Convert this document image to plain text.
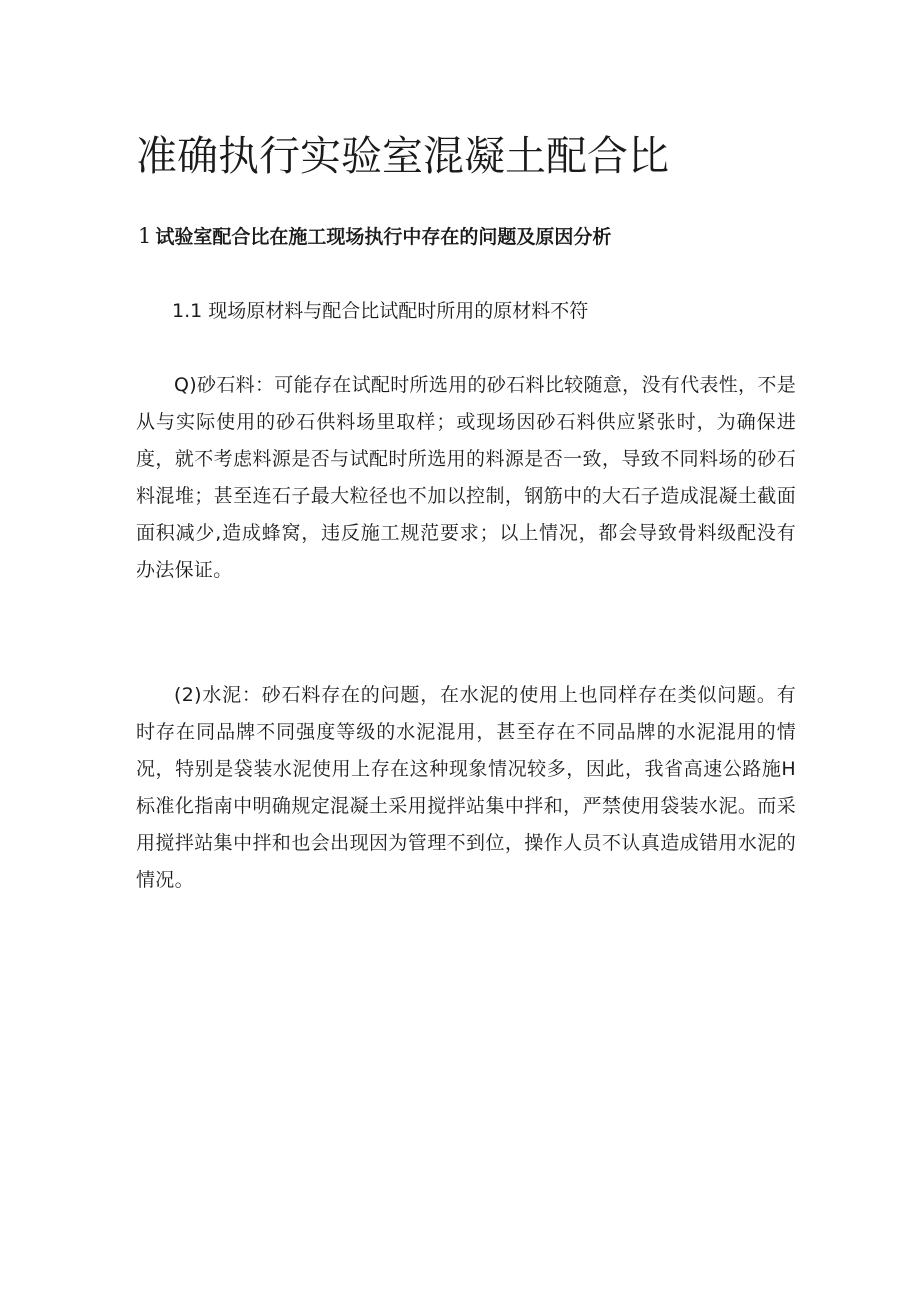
准确执行实验室混凝土配合比
1 试验室配合比在施工现场执行中存在的问题及原因分析
1.1 现场原材料与配合比试配时所用的原材料不符

Q)砂石料：可能存在试配时所选用的砂石料比较随意，没有代表性，不是从与实际使用的砂石供料场里取样；或现场因砂石料供应紧张时，为确保进度，就不考虑料源是否与试配时所选用的料源是否一致，导致不同料场的砂石料混堆；甚至连石子最大粒径也不加以控制，钢筋中的大石子造成混凝土截面面积减少,造成蜂窝，违反施工规范要求；以上情况，都会导致骨料级配没有办法保证。

(2)水泥：砂石料存在的问题，在水泥的使用上也同样存在类似问题。有时存在同品牌不同强度等级的水泥混用，甚至存在不同品牌的水泥混用的情况，特别是袋装水泥使用上存在这种现象情况较多，因此，我省高速公路施H标准化指南中明确规定混凝土采用搅拌站集中拌和，严禁使用袋装水泥。而采用搅拌站集中拌和也会出现因为管理不到位，操作人员不认真造成错用水泥的情况。
